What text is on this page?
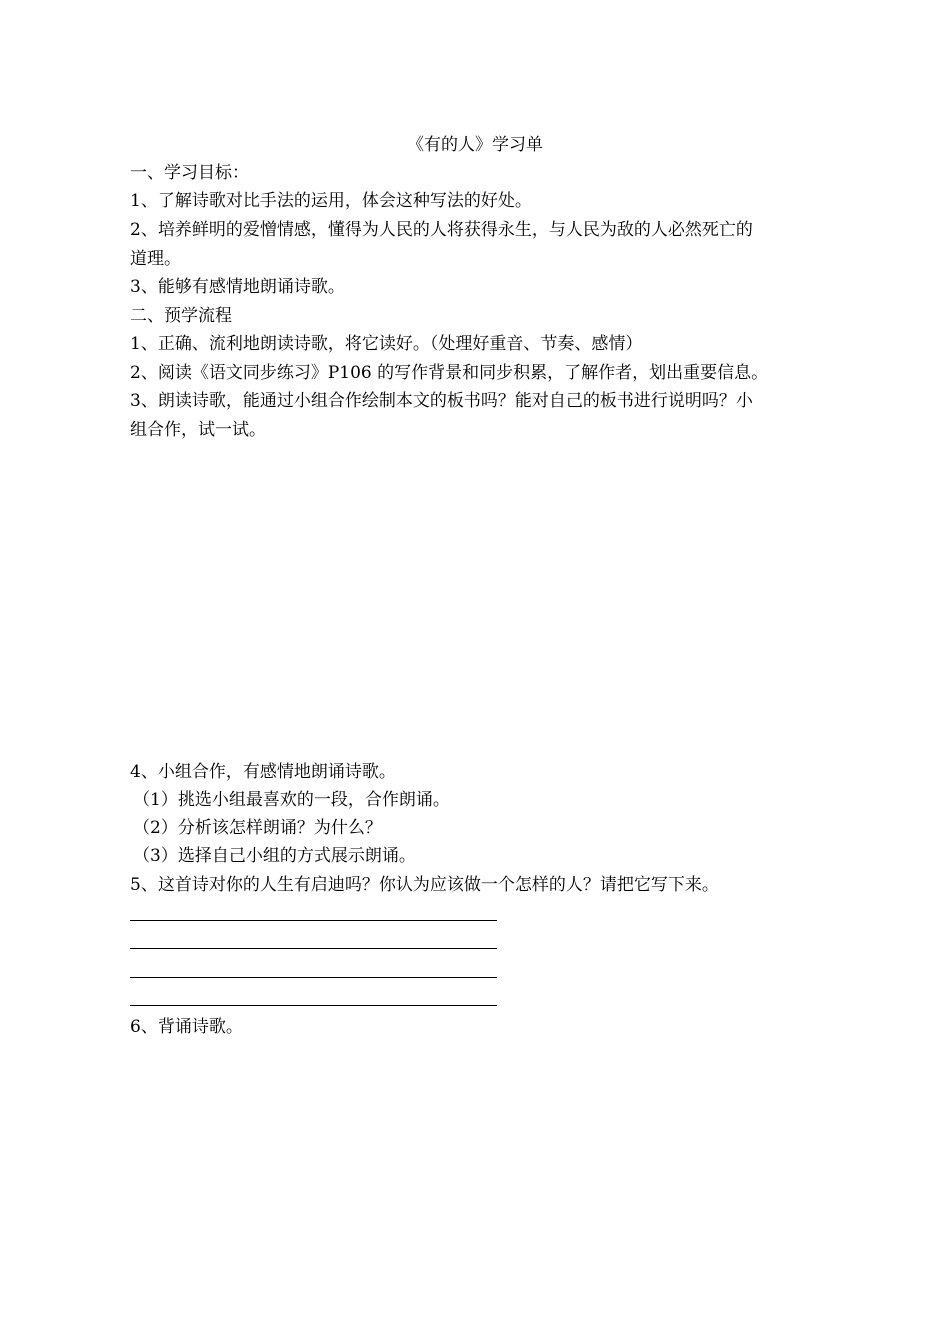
《有的人》学习单
一、学习目标：
1、了解诗歌对比手法的运用，体会这种写法的好处。
2、培养鲜明的爱憎情感，懂得为人民的人将获得永生，与人民为敌的人必然死亡的
道理。
3、能够有感情地朗诵诗歌。
二、预学流程
1、正确、流利地朗读诗歌，将它读好。（处理好重音、节奏、感情）
2、阅读《语文同步练习》P106 的写作背景和同步积累，了解作者，划出重要信息。
3、朗读诗歌，能通过小组合作绘制本文的板书吗？能对自己的板书进行说明吗？小
组合作，试一试。
4、小组合作，有感情地朗诵诗歌。
（1）挑选小组最喜欢的一段，合作朗诵。
（2）分析该怎样朗诵？为什么？
（3）选择自己小组的方式展示朗诵。
5、这首诗对你的人生有启迪吗？你认为应该做一个怎样的人？请把它写下来。
6、背诵诗歌。
